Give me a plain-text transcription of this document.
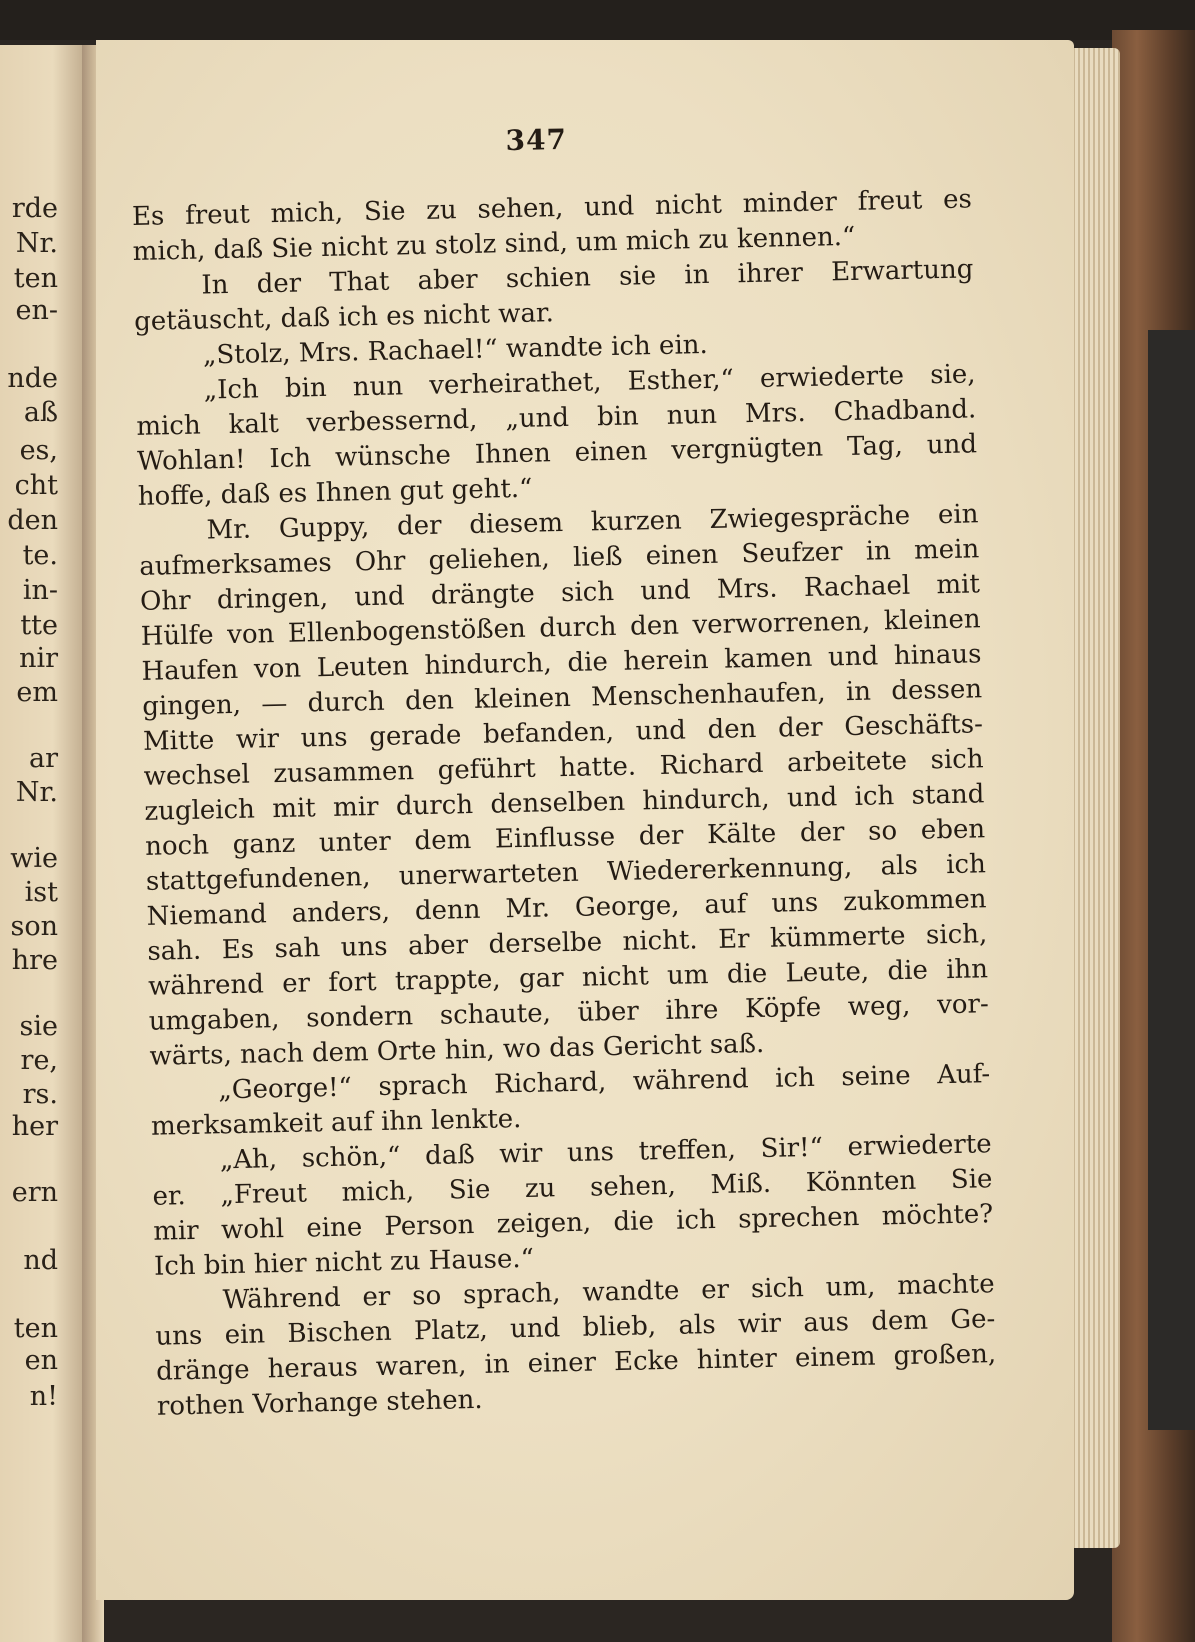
rde
Nr.
ten
en-
nde
aß
es,
cht
den
te.
in-
tte
nir
em
ar
Nr.
wie
ist
son
hre
sie
re,
rs.
her
ern
nd
ten
en
n!
347
Es freut mich, Sie zu sehen, und nicht minder freut es
mich, daß Sie nicht zu stolz sind, um mich zu kennen.“
In der That aber schien sie in ihrer Erwartung
getäuscht, daß ich es nicht war.
„Stolz, Mrs. Rachael!“ wandte ich ein.
„Ich bin nun verheirathet, Esther,“ erwiederte sie,
mich kalt verbessernd, „und bin nun Mrs. Chadband.
Wohlan! Ich wünsche Ihnen einen vergnügten Tag, und
hoffe, daß es Ihnen gut geht.“
Mr. Guppy, der diesem kurzen Zwiegespräche ein
aufmerksames Ohr geliehen, ließ einen Seufzer in mein
Ohr dringen, und drängte sich und Mrs. Rachael mit
Hülfe von Ellenbogenstößen durch den verworrenen, kleinen
Haufen von Leuten hindurch, die herein kamen und hinaus
gingen, — durch den kleinen Menschenhaufen, in dessen
Mitte wir uns gerade befanden, und den der Geschäfts-
wechsel zusammen geführt hatte. Richard arbeitete sich
zugleich mit mir durch denselben hindurch, und ich stand
noch ganz unter dem Einflusse der Kälte der so eben
stattgefundenen, unerwarteten Wiedererkennung, als ich
Niemand anders, denn Mr. George, auf uns zukommen
sah. Es sah uns aber derselbe nicht. Er kümmerte sich,
während er fort trappte, gar nicht um die Leute, die ihn
umgaben, sondern schaute, über ihre Köpfe weg, vor-
wärts, nach dem Orte hin, wo das Gericht saß.
„George!“ sprach Richard, während ich seine Auf-
merksamkeit auf ihn lenkte.
„Ah, schön,“ daß wir uns treffen, Sir!“ erwiederte
er. „Freut mich, Sie zu sehen, Miß. Könnten Sie
mir wohl eine Person zeigen, die ich sprechen möchte?
Ich bin hier nicht zu Hause.“
Während er so sprach, wandte er sich um, machte
uns ein Bischen Platz, und blieb, als wir aus dem Ge-
dränge heraus waren, in einer Ecke hinter einem großen,
rothen Vorhange stehen.
